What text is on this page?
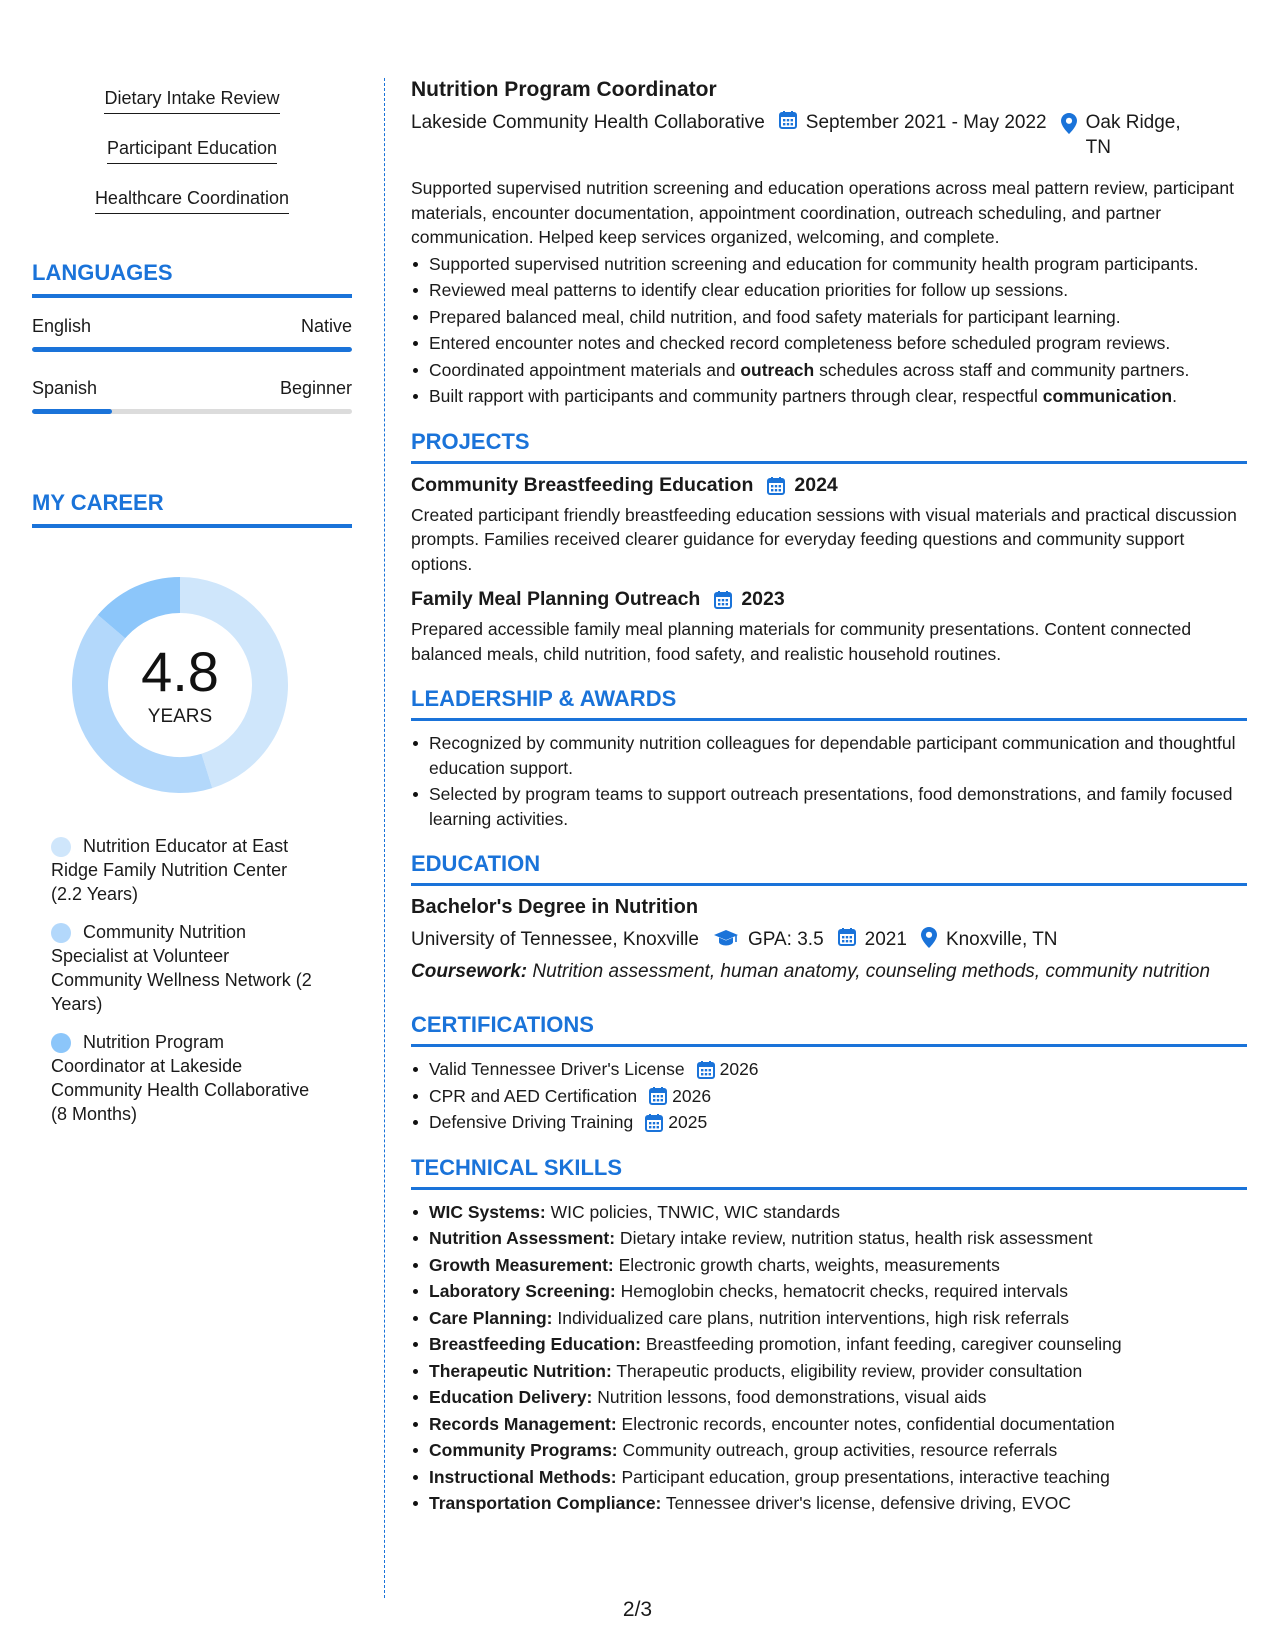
Dietary Intake Review
Participant Education
Healthcare Coordination
LANGUAGES
English	Native
Spanish	Beginner
MY CAREER
4.8
YEARS
Nutrition Educator at East Ridge Family Nutrition Center (2.2 Years)
Community Nutrition Specialist at Volunteer Community Wellness Network (2 Years)
Nutrition Program Coordinator at Lakeside Community Health Collaborative (8 Months)
Nutrition Program Coordinator
Lakeside Community Health Collaborative September 2021 - May 2022 Oak Ridge, TN
Supported supervised nutrition screening and education operations across meal pattern review, participant materials, encounter documentation, appointment coordination, outreach scheduling, and partner communication. Helped keep services organized, welcoming, and complete.
Supported supervised nutrition screening and education for community health program participants.
Reviewed meal patterns to identify clear education priorities for follow up sessions.
Prepared balanced meal, child nutrition, and food safety materials for participant learning.
Entered encounter notes and checked record completeness before scheduled program reviews.
Coordinated appointment materials and outreach schedules across staff and community partners.
Built rapport with participants and community partners through clear, respectful communication.
PROJECTS
Community Breastfeeding Education 2024
Created participant friendly breastfeeding education sessions with visual materials and practical discussion prompts. Families received clearer guidance for everyday feeding questions and community support options.
Family Meal Planning Outreach 2023
Prepared accessible family meal planning materials for community presentations. Content connected balanced meals, child nutrition, food safety, and realistic household routines.
LEADERSHIP & AWARDS
Recognized by community nutrition colleagues for dependable participant communication and thoughtful education support.
Selected by program teams to support outreach presentations, food demonstrations, and family focused learning activities.
EDUCATION
Bachelor's Degree in Nutrition
University of Tennessee, Knoxville	GPA: 3.5 2021 Knoxville, TN
Coursework: Nutrition assessment, human anatomy, counseling methods, community nutrition
CERTIFICATIONS
Valid Tennessee Driver's License 2026
CPR and AED Certification 2026
Defensive Driving Training 2025
TECHNICAL SKILLS
WIC Systems: WIC policies, TNWIC, WIC standards
Nutrition Assessment: Dietary intake review, nutrition status, health risk assessment
Growth Measurement: Electronic growth charts, weights, measurements
Laboratory Screening: Hemoglobin checks, hematocrit checks, required intervals
Care Planning: Individualized care plans, nutrition interventions, high risk referrals
Breastfeeding Education: Breastfeeding promotion, infant feeding, caregiver counseling
Therapeutic Nutrition: Therapeutic products, eligibility review, provider consultation
Education Delivery: Nutrition lessons, food demonstrations, visual aids
Records Management: Electronic records, encounter notes, confidential documentation
Community Programs: Community outreach, group activities, resource referrals
Instructional Methods: Participant education, group presentations, interactive teaching
Transportation Compliance: Tennessee driver's license, defensive driving, EVOC
2/3
